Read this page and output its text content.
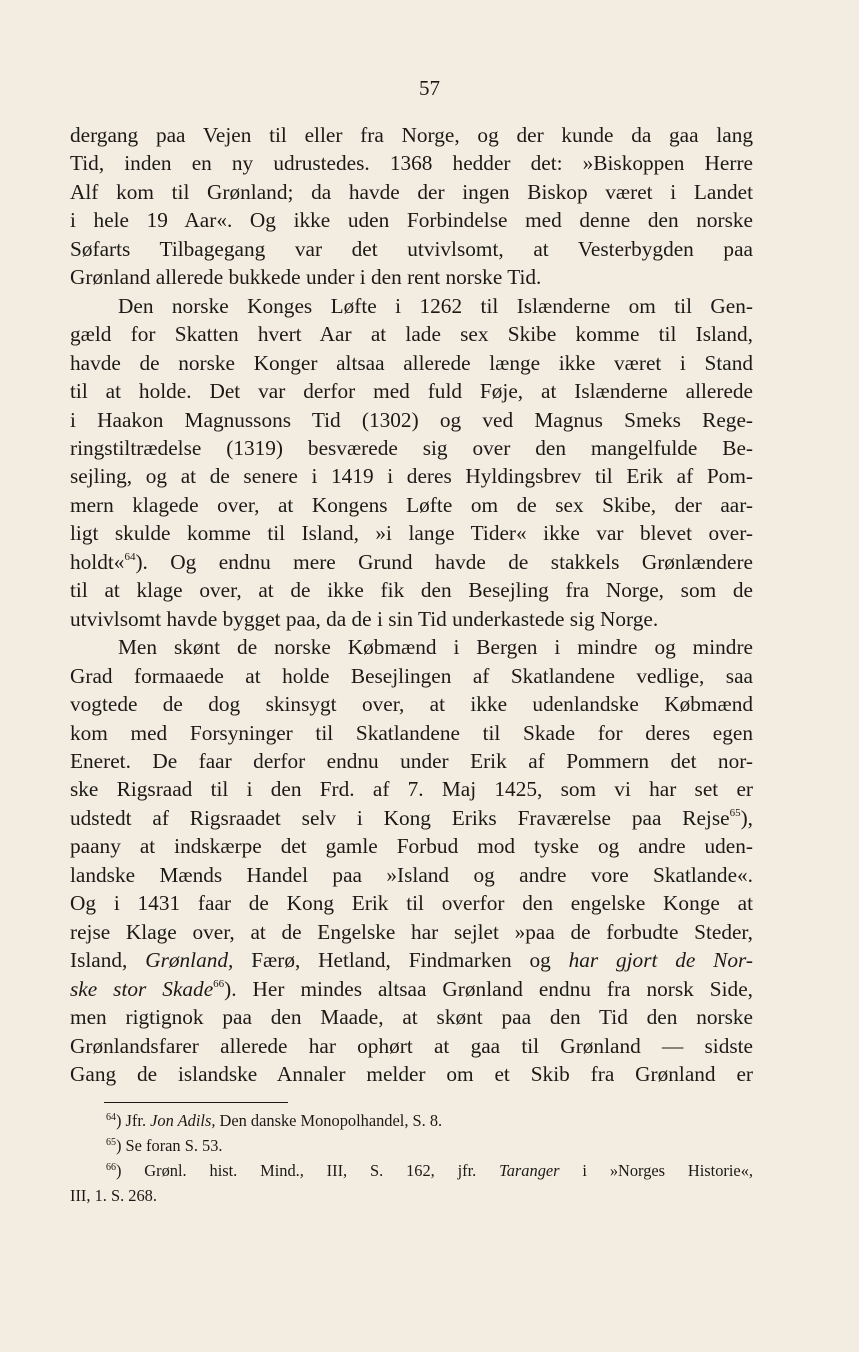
57
dergang paa Vejen til eller fra Norge, og der kunde da gaa lang
Tid, inden en ny udrustedes. 1368 hedder det: »Biskoppen Herre
Alf kom til Grønland; da havde der ingen Biskop været i Landet
i hele 19 Aar«. Og ikke uden Forbindelse med denne den norske
Søfarts Tilbagegang var det utvivlsomt, at Vesterbygden paa
Grønland allerede bukkede under i den rent norske Tid.
Den norske Konges Løfte i 1262 til Islænderne om til Gen-
gæld for Skatten hvert Aar at lade sex Skibe komme til Island,
havde de norske Konger altsaa allerede længe ikke været i Stand
til at holde. Det var derfor med fuld Føje, at Islænderne allerede
i Haakon Magnussons Tid (1302) og ved Magnus Smeks Rege-
ringstiltrædelse (1319) besværede sig over den mangelfulde Be-
sejling, og at de senere i 1419 i deres Hyldingsbrev til Erik af Pom-
mern klagede over, at Kongens Løfte om de sex Skibe, der aar-
ligt skulde komme til Island, »i lange Tider« ikke var blevet over-
holdt«$^{64}$). Og endnu mere Grund havde de stakkels Grønlændere
til at klage over, at de ikke fik den Besejling fra Norge, som de
utvivlsomt havde bygget paa, da de i sin Tid underkastede sig Norge.
Men skønt de norske Købmænd i Bergen i mindre og mindre
Grad formaaede at holde Besejlingen af Skatlandene vedlige, saa
vogtede de dog skinsygt over, at ikke udenlandske Købmænd
kom med Forsyninger til Skatlandene til Skade for deres egen
Eneret. De faar derfor endnu under Erik af Pommern det nor-
ske Rigsraad til i den Frd. af 7. Maj 1425, som vi har set er
udstedt af Rigsraadet selv i Kong Eriks Fraværelse paa Rejse$^{65}$),
paany at indskærpe det gamle Forbud mod tyske og andre uden-
landske Mænds Handel paa »Island og andre vore Skatlande«.
Og i 1431 faar de Kong Erik til overfor den engelske Konge at
rejse Klage over, at de Engelske har sejlet »paa de forbudte Steder,
Island, Grønland, Færø, Hetland, Findmarken og har gjort de Nor-
ske stor Skade$^{66}$). Her mindes altsaa Grønland endnu fra norsk Side,
men rigtignok paa den Maade, at skønt paa den Tid den norske
Grønlandsfarer allerede har ophørt at gaa til Grønland — sidste
Gang de islandske Annaler melder om et Skib fra Grønland er
$^{64}$) Jfr. Jon Adils, Den danske Monopolhandel, S. 8.
$^{65}$) Se foran S. 53.
$^{66}$) Grønl. hist. Mind., III, S. 162, jfr. Taranger i »Norges Historie«,
III, 1. S. 268.
